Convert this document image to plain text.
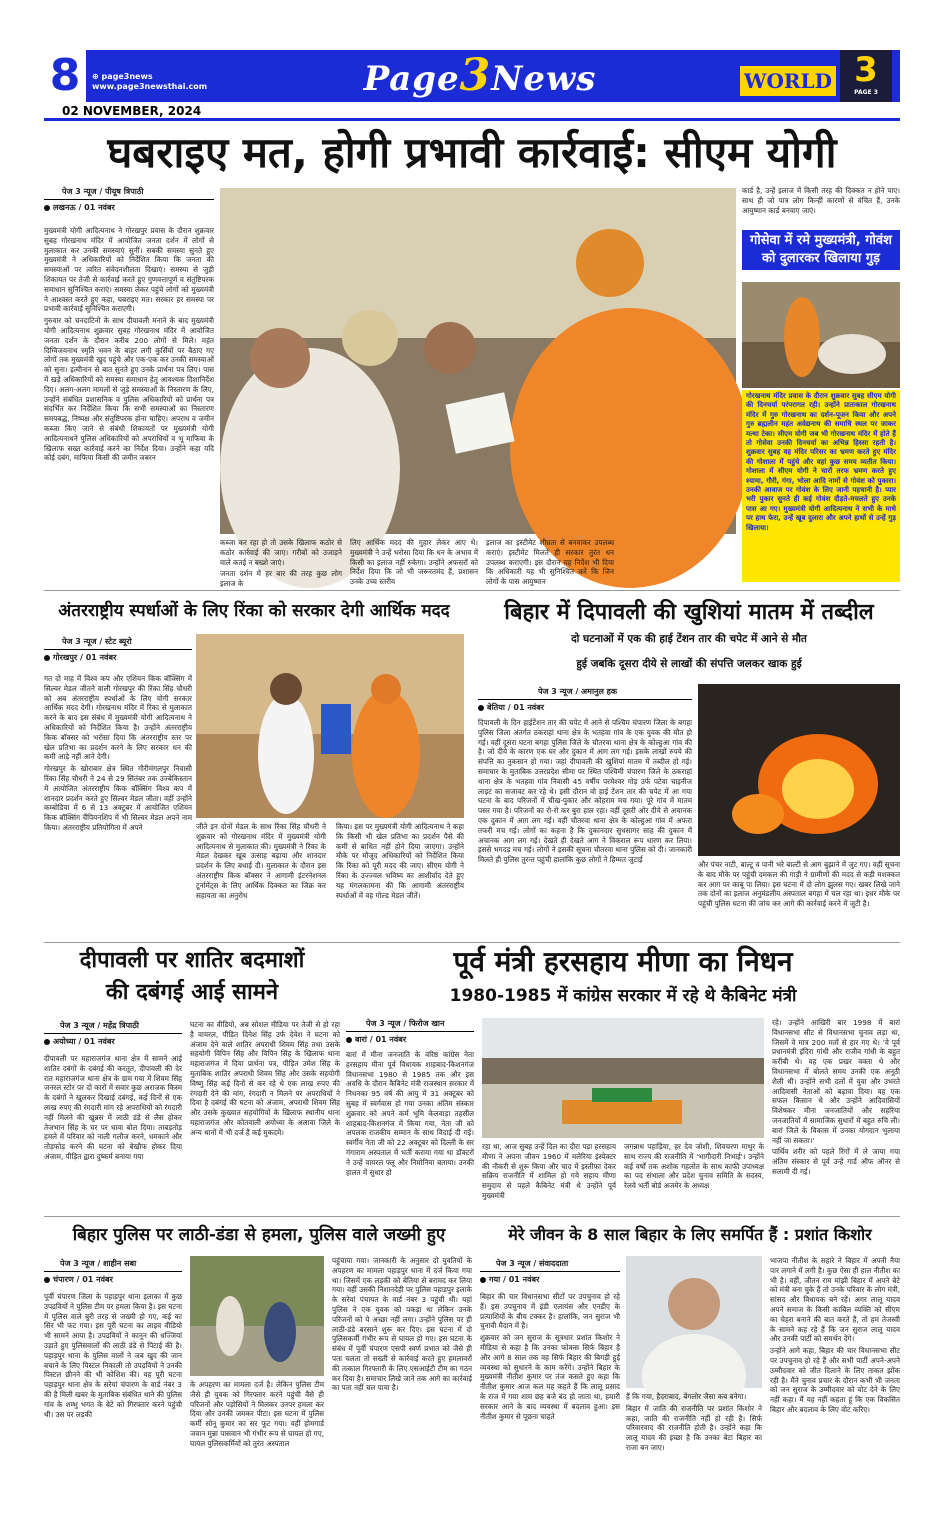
8	⊕ page3news
www.page3newsthai.com	Page3News	WORLD 3
PAGE 3
02 NOVEMBER, 2024
घबराइए मत, होगी प्रभावी कार्रवाई: सीएम योगी
पेज 3 न्यूज / पीयूष त्रिपाठी
लखनऊ / 01 नवंबर

मुख्यमंत्री योगी आदित्यनाथ ने गोरखपुर प्रवास के दौरान शुक्रवार सुबह गोरखनाथ मंदिर में आयोजित जनता दर्शन में लोगों से मुलाकात कर उनकी समस्याएं सुनीं। सबकी समस्या सुनते हुए मुख्यमंत्री ने अधिकारियों को निर्देशित किया कि जनता की समस्याओं पर त्वरित संवेदनशीलता दिखाएं। समस्या से जुड़ी शिकायत पर तेजी से कार्रवाई करते हुए गुणवत्तापूर्ण व संतुष्टिपरक समाधान सुनिश्चित कराएं। समस्या लेकर पहुंचे लोगों को मुख्यमंत्री ने आश्वस्त करते हुए कहा, घबराइए मत। सरकार हर समस्या पर प्रभावी कार्रवाई सुनिश्चित कराएगी।

गुरुवार को चनदाटिनों के साथ दीपावली मनाने के बाद मुख्यमंत्री योगी आदित्यनाथ शुक्रवार सुबह गोरखनाथ मंदिर में आयोजित जनता दर्शन के दौरान करीब 200 लोगों से मिले। महंत दिग्विजयनाथ स्मृति भवन के बाहर लगी कुर्सियों पर बैठाए गए लोगों तक मुख्यमंत्री खुद पहुंचे और एक-एक कर उनकी समस्याओं को सुना। इत्मीनान से बात सुनते हुए उनके प्रार्थना पत्र लिए। पास में खड़े अधिकारियों को समस्या समाधान हेतु आवश्यक दिशानिर्देश दिए। अलग-अलग मामलों से जुड़े समस्याओं के निस्तारण के लिए, उन्होंने संबंधित प्रशासनिक व पुलिस अधिकारियों को प्रार्थना पत्र संदर्भित कर निर्देशित किया कि सभी समस्याओं का निस्तारण समयबद्ध, निष्पक्ष और संतुष्टिपरक होना चाहिए। अपराध व जमीन कब्जा किए जाने से संबंधी शिकायतों पर मुख्यमंत्री योगी आदित्यनाथने पुलिस अधिकारियों को अपराधियों व भू माफिया के खिलाफ सख्त कार्रवाई करने का निर्देश दिया। उन्होंने कहा यदि कोई दबंग, माफिया किसी की जमीन जबरन

कब्जा कर रहा हो तो उसके खिलाफ कठोर से कठोर कार्रवाई की जाए। गरीबों को उजाड़ने वाले कतई न बख्शे जाएं।

जनता दर्शन में हर बार की तरह कुछ लोग इलाज के

लिए आर्थिक मदद की गुहार लेकर आए थे। मुख्यमंत्री ने उन्हें भरोसा दिया कि धन के अभाव में किसी का इलाज नहीं रुकेगा। उन्होंने अफसरों को निर्देश दिया कि जो भी जरूरतमंद हैं, प्रशासन उनके उच्च स्तरीय
इलाज का इस्टीमेट शीघ्रता से बनवाकर उपलब्ध कराएं। इस्टीमेट मिलते ही सरकार तुरंत धन उपलब्ध कराएगी। इस दौरान यह निर्देश भी दिया कि अधिकारी यह भी सुनिश्चित करें कि जिन लोगों के पास आयुष्मान
कार्ड है, उन्हें इलाज में किसी तरह की दिक्कत न होने पाए। साथ ही जो पात्र लोग किन्हीं कारणों से वंचित हैं, उनके आयुष्मान कार्ड बनवाए जाएं।
गोसेवा में रमे मुख्यमंत्री, गोवंश को दुलारकर खिलाया गुड़
गोरखनाथ मंदिर प्रवास के दौरान शुक्रवार सुबह सीएम योगी की दिनचर्या परंपरागत रही। उन्होंने प्रातःकाल गोरखनाथ मंदिर में गुरु गोरखनाथ का दर्शन-पूजन किया और अपने गुरु ब्रह्मलीन महंत अवेद्यनाथ की समाधि स्थल पर जाकर मत्था टेका। सीएम योगी जब भी गोरखनाथ मंदिर में होते हैं तो गोसेवा उनकी दिनचर्या का अभिन्न हिस्सा रहती है। शुक्रवार सुबह वह मंदिर परिसर का भ्रमण करते हुए मंदिर की गोशाला में पहुंचे और वहां कुछ समय व्यतीत किया। गोशाला में सीएम योगी ने चारों तरफ भ्रमण करते हुए श्यामा, गौरी, गंगा, भोला आदि नामों से गोवंश को पुकारा। उनकी आवाज पर गोवंश के लिए जानी पहचानी है। प्यार भरी पुकार सुनते ही कई गोवंश दौड़ते-मचलते हुए उनके पास आ गए। मुख्यमंत्री योगी आदित्यनाथ ने सभी के माथे पर हाथ फेरा, उन्हें खूब दुलारा और अपने हाथों से उन्हें गुड़ खिलाया।
अंतरराष्ट्रीय स्पर्धाओं के लिए रिंका को सरकार देगी आर्थिक मदद
पेज 3 न्यूज / स्टेट ब्यूरो
गोरखपुर / 01 नवंबर

गत दो माह में विश्व कप और एशियन किक बॉक्सिंग में सिल्वर मेडल जीतने वाली गोरखपुर की रिंका सिंह चौधरी को अब अंतरराष्ट्रीय स्पर्धाओं के लिए योगी सरकार आर्थिक मदद देगी। गोरखनाथ मंदिर में रिंका से मुलाकात करने के बाद इस संबंध में मुख्यमंत्री योगी आदित्यनाथ ने अधिकारियों को निर्देशित किया है। उन्होंने अंतरराष्ट्रीय किक बॉक्सर को भरोसा दिया कि अंतरराष्ट्रीय स्तर पर खेल प्रतिभा का प्रदर्शन करने के लिए सरकार धन की कमी आड़े नहीं आने देगी।

गोरखपुर के खोराबार क्षेत्र स्थित गौरीमंगलपुर निवासी रिंका सिंह चौधरी ने 24 से 29 सितंबर तक उज्बेकिस्तान में आयोजित अंतरराष्ट्रीय किक बॉक्सिंग विश्व कप में शानदार प्रदर्शन करते हुए सिल्वर मेडल जीता। वहीं उन्होंने कम्बोडिया में 6 से 13 अक्टूबर में आयोजित एशियन किक बॉक्सिंग चैंपियनशिप में भी सिल्वर मेडल अपने नाम किया। अंतरराष्ट्रीय प्रतियोगिता में अपने	जीते इन दोनों मेडल के साथ रिंका सिंह चौधरी ने शुक्रवार को गोरखनाथ मंदिर में मुख्यमंत्री योगी आदित्यनाथ से मुलाकात की। मुख्यमंत्री ने रिंका के मेडल देखकर खूब उत्साह बढ़ाया और शानदार प्रदर्शन के लिए बधाई दी। मुलाकात के दौरान इस अंतरराष्ट्रीय किक बॉक्सर ने आगामी इंटरनेशनल टूर्नामेंट्स के लिए आर्थिक दिक्कत का जिक्र कर सहायता का अनुरोध
किया। इस पर मुख्यमंत्री योगी आदित्यनाथ ने कहा कि किसी भी खेल प्रतिभा का प्रदर्शन पैसे की कमी से बाधित नहीं होने दिया जाएगा। उन्होंने मौके पर मौजूद अधिकारियों को निर्देशित किया कि रिंका को पूरी मदद की जाए। सीएम योगी ने रिंका के उज्ज्वल भविष्य का आशीर्वाद देते हुए यह मंगलकामना की कि आगामी अंतरराष्ट्रीय स्पर्धाओं में वह गोल्ड मेडल जीतें।
बिहार में दिपावली की खुशियां मातम में तब्दील
दो घटनाओं में एक की हाई टेंशन तार की चपेट में आने से मौत
हुई जबकि दूसरा दीये से लाखों की संपत्ति जलकर खाक हुई
पेज 3 न्यूज / अमानुल हक
बेतिया / 01 नवंबर
दिपावली के दिन हाईटेंशन तार की चपेट में आने से पश्चिम चंपारण जिला के बगहा पुलिस जिला अंतर्गत ठकराहां थाना क्षेत्र के भतहवा गांव के एक युवक की मौत हो गई। वहीं दूसरा घटना बगहा पुलिस जिले के चौतरवा थाना क्षेत्र के कोल्हुआ गांव की है। जो दीये के कारण एक घर और दुकान में आग लग गई। इसके लाखों रुपये की संपत्ति का नुकसान हो गया। जहां दीपावली की खुशियां मातम में तब्दील हो गई। समाचार के मुताबिक उत्तरप्रदेश सीमा पर स्थित पश्चिमी चंपारण जिले के ठकराहां थाना क्षेत्र के भतहवा गांव निवासी 45 वर्षीय परमेश्वर गोड़ उर्फ पटेवा चाइनीज लाइट का सजावट कर रहे थे। इसी दौरान वो हाई टेंशन तार की चपेट में आ गया घटना के बाद परिजनों में चीख-पुकार और कोहराम मच गया। पूरे गांव में मातम पसर गया है। परिजनों का रो-रो कर बुरा हाल रहा। वहीं दूसरी ओर दीये से अचानक एक दुकान में आग लग गई। वहीं चौतरवा थाना क्षेत्र के कोल्हुआ गांव में अफरा तफरी मच गई। लोगों का कहना है कि दुकानदार सुधसागर साह की दुकान में अचानक आग लग गई। देखते ही देखते आग ने विकराल रूप धारण कर लिया। इससे भगदड़ मच गई। लोगों ने इसकी सूचना चौतरवा थाना पुलिस को दी। जानकारी मिलते ही पुलिस तुरन्त पहुंची हालांकि कुछ लोगों ने हिम्मत जुटाई
और पंचर नाटी, बाल्टू व पानी भरे बाल्टी से आग बुझाने में जुट गए। वहीं सूचना के बाद मौके पर पहुंची दमकल की गाड़ी ने ग्रामीणों की मदद से कड़ी मशक्कत कर आग पर काबू पा लिया। इस घटना में दो लोग झुलस गए। खबर लिखे जाने तक दोनों का इलाज अनुमंडलीय अस्पताल बगहा में चल रहा था। इधर मौके पर पहुंची पुलिस घटना की जांच कर आगे की कार्रवाई करने में जुटी है।
दीपावली पर शातिर बदमाशों
की दबंगई आई सामने
पेज 3 न्यूज / महेंद्र त्रिपाठी
अयोध्या / 01 नवंबर
दीपावली पर महाराजगंज थाना क्षेत्र में सामने आई शातिर दबंगों के दबंगई की करतूत, दीपावली की देर रात महाराजगंज थाना क्षेत्र के ग्राम गया में शिवम सिंह जनरल स्टोर पर दो कारों में सवार कुछ अराजक किस्म के दबंगों ने खुलकर दिखाई दबंगई, कई दिनों से एक लाख रुपए की रंगदारी मांग रहे अपराधियों को रंगदारी नहीं मिलने की खुन्नस में लाठी डंडे से लैस होकर तेजभान सिंह के घर पर धावा बोल दिया। ताबड़तोड़ हमले में परिवार को नाली गलौज करने, धमकाने और तोड़फोड़ करने की घटना को बेखौफ होकर दिया अंजाम, पीड़ित द्वारा दुष्कर्म बनाया गया
घटना का वीडियो, अब सोशल मीडिया पर तेजी से हो रहा है वायरल, पीड़ित दिनेश सिंह उर्फ देवेश ने घटना को अंजाम देने वाले शातिर अपराधी शिवम सिंह तथा उसके सहयोगी विपिन सिंह और विपिन सिंह के खिलाफ थाना महाराजगंज में दिया प्रार्थना पत्र, पीड़ित उमेश सिंह के मुताबिक शातिर अपराधी शिवम सिंह और उसके सहयोगी विष्णु सिंह कई दिनों से कर रहे थे एक लाख रुपए की रंगदारी देने की मांग, रंगदारी न मिलने पर अपराधियों ने दिया है दबंगई की घटना को अंजाम, अपराधी शिवम सिंह और उसके कुख्यात सहयोगियों के खिलाफ स्थानीय थाना महाराजगंज और कोतवाली अयोध्या के अलावा जिले के अन्य थानों में भी दर्ज हैं कई मुकदमे।
पूर्व मंत्री हरसहाय मीणा का निधन
1980-1985 में कांग्रेस सरकार में रहे थे कैबिनेट मंत्री
पेज 3 न्यूज / फिरोज खान
बारां / 01 नवंबर
बारां में मीना जनजाति के वरिष्ठ कांग्रेस नेता हरसहाय मीना पूर्व विधायक शाहबाद-किशनगंज विधानसभा 1980 से 1985 तक और इस अवधि के दौरान कैबिनेट मंत्री राजस्थान सरकार में निधनका 95 वर्ष की आयु में 31 अक्टूबर को सुबह में स्वर्गवास हो गया उनका अंतिम संस्कार शुक्रवार को अपने कर्म भूमि केलवाड़ा तहसील शाहबाद-किशनगंज में किया गया, नेता जी को अपलक राजकीय सम्मान के साथ विदाई दी गई। स्वर्गीय नेता जी को 22 अक्टूबर को दिल्ली के सर गंगाराम अस्पताल में भर्ती कराया गया था डॉक्टरों ने उन्हें वायरल फ्लू और निमोनिया बताया। उनकी हालत में सुधार हो
रहा था, आज सुबह उन्हें दिल का दौरा पड़ा हरसहाय मीणा ने अपना जीवन 1960 में मलेरिया इंस्पेक्टर की नौकरी से शुरू किया और चाद में इस्तीफा देकर सक्रिय राजनीति में शामिल हो गये सहाय मीणा समुदाय से पहले कैबिनेट मंत्री थे उन्होंने पूर्व मुख्यमंत्री
जगन्नाथ पहाड़िया, हर देव जोशी, शिवचरण माथुर के साथ राज्य की राजनीति में 'भागीदारी निभाई'। उन्होंने कई वर्षों तक अशोक गहलोत के साथ काफी उपाध्यक्ष का पद संभाला और प्रदेश चुनाव समिति के सदस्य, रेलवे भर्ती बोर्ड अजमेर के अध्यक्ष

रहे। उन्होंने आखिरी बार 1998 में बारां विधानसभा सीट से विधानसभा चुनाव लड़ा था, जिसमें वे मात्र 200 मतों से हार गए थे। 'वे पूर्व प्रधानमंत्री इंदिरा गांधी और राजीव गांधी के बहुत करीबी थे। वह एक प्रखर वक्ता थे और विधानसभा में बोलते समय उनकी एक अनूठी शैली थी। उन्होंने सभी दलों में युवा और उभरते आदिवासी नेताओं को बढ़ावा दिया। वह एक सफल किसान थे और उन्होंने आदिवासियों विशेषकर मीना जनजातियों और सहरिया जनजातियों में सामाजिक सुधारों में बहुत रुचि ली। बारां जिले के विकास में उनका योगदान भुलाया नहीं जा सकता।'

पार्थिव शरीर को पहले रिंगों में ले जाया गया अंतिम संस्कार से पूर्व उन्हें गार्ड ऑफ ऑनर से सलामी दी गई।

बिहार पुलिस पर लाठी-डंडा से हमला, पुलिस वाले जख्मी हुए
पेज 3 न्यूज / शाहीन सबा
चंपारण / 01 नवंबर
पूर्वी चंपारण जिला के पहाड़पुर थाना इलाका में कुछ उपद्रवियों ने पुलिस टीम पर हमला किया है। इस घटना में पुलिस वाले बुरी तरह से जख्मी हो गए, कई का सिर भी फट गया। इस पूरी घटना का लाइव वीडियो भी सामने आया है। उपद्रवियों ने कानून की धज्जियां उड़ाते हुए पुलिसवालों की लाठी डंडे से पिटाई की है। पहाड़पुर थाना के पुलिस वालों ने जब खुद की जान बचाने के लिए पिस्टल निकाली तो उपद्रवियों ने उनकी पिस्टल छीनने की भी कोशिश की। यह पूरी घटना पहाड़पुर थाना क्षेत्र के सरेयां चंपारण के वार्ड नंबर 3 की है मिली खबर के मुताबिक संबंधित थाने की पुलिस गांव के शम्भु भगत के बेटे को गिरफ्तार करने पहुंची थी। उस पर लड़की
के अपहरण का मामला दर्ज है। लेकिन पुलिस टीम जैसे ही युवक को गिरफ्तार करने पहुंची वैसे ही परिजनों और पड़ोसियों ने मिलकर उनपर हमला कर दिया और उनकी जमकर पीटा। इस घटना में पुलिस कर्मी सोनू कुमार का सर फूट गया। वहीं होमगार्ड जवान मुन्ना पासवान भी गंभीर रूप से घायल हो गए, घायल पुलिसकर्मियों को तुरंत अस्पताल
पहुंचाया गया। जानकारी के अनुसार दो युवतियों के अपहरण का मामला पहाड़पुर थाना में दर्ज किया गया था। जिसमें एक लड़की को बेतिया से बरामद कर लिया गया। वहीं उसकी निशानदेही पर पुलिस पहाड़पुर इलाके के सरेयां पंचायत के वार्ड नंबर 3 पहुंची थी। यहां पुलिस ने एक युवक को पकड़ा था लेकिन उनके परिजनों को ये अच्छा नहीं लगा। उन्होंने पुलिस पर ही लाठी-डंडे बरसाने शुरू कर दिए। इस घटना में दो पुलिसकर्मी गंभीर रूप से घायल हो गए। इस घटना के संबंध में पूर्वी चंपारण एसपी स्वर्ण प्रभात को जैसे ही पता चलता तो सख्ती से कार्रवाई करते हुए हमलावरों की तत्काल गिरफ्तारी के लिए एसआईटी टीम का गठन कर दिया है। समाचार लिखे जाने तक आगे का कार्रवाई का पता नहीं चल पाया है।
मेरे जीवन के 8 साल बिहार के लिए समर्पित हैं : प्रशांत किशोर
पेज 3 न्यूज / संवाददाता
गया / 01 नवंबर

बिहार की चार विधानसभा सीटों पर उपचुनाव हो रहे हैं। इस उपचुनाव में इंडी एलायंस और एनडीए के प्रत्याशियों के बीच टक्कर है। हालांकि, जन सुराज भी चुनावी मैदान में है।

शुक्रवार को जन सुराज के सूत्रधार प्रशांत किशोर ने मीडिया से कहा है कि उनका फोकस सिर्फ बिहार है और आगे 8 साल तक वह सिर्फ बिहार की बिगड़ी हुई व्यवस्था को सुधारने के काम करेंगे। उन्होंने बिहार के मुख्यमंत्री नीतीश कुमार पर तंज कसते हुए कहा कि नीतीश कुमार आज कल यह कहते हैं कि लालू प्रसाद के राज में गया शाम छह बजे बंद हो जाता था, हमारी सरकार आने के बाद व्यवस्था में बदलाव हुआ। इस नीतीश कुमार से पूछना चाहते

हैं कि गया, हैदराबाद, बेंगलोर जैसा कब बनेगा।

बिहार में जाति की राजनीति पर प्रशांत किशोर ने कहा, जाति की राजनीति नहीं हो रही है। सिर्फ परिवारवाद की राजनीति होती है। उन्होंने कहा कि लालू यादव की इच्छा है कि उनका बेटा बिहार का राजा बन जाए।

भाजपा नीतीश के सहारे ने बिहार में अपनी नैया पार लगाने में लगी है। कुछ ऐसा ही हाल नीतीश का भी है। वहीं, जीतन राम मांझी बिहार में अपने बेटे को मंत्री बना चुके हैं तो उनके परिवार के लोग मंत्री, सांसद और विधायक बने रहें। अगर लालू यादव अपने समाज के किसी काबिल व्यक्ति को सीएम का चेहरा बनाने की बात करते हैं, तो हम तेजस्वी के सामने कह रहे हैं कि जन सुराज लालू यादव और उनकी पार्टी को समर्थन देंगे।

उन्होंने आगे कहा, बिहार की चार विधानसभा सीट पर उपचुनाव हो रहे हैं और सभी पार्टी अपने-अपने उम्मीदवार को जीत दिलाने के लिए ताकत झोंक रही है। मैंने चुनाव प्रचार के दौरान कभी भी जनता को जन सुराज के उम्मीदवार को वोट देने के लिए नहीं कहा। मैं यह नहीं कहता हूं कि एक विकसित बिहार और बदलाव के लिए वोट करिए।
